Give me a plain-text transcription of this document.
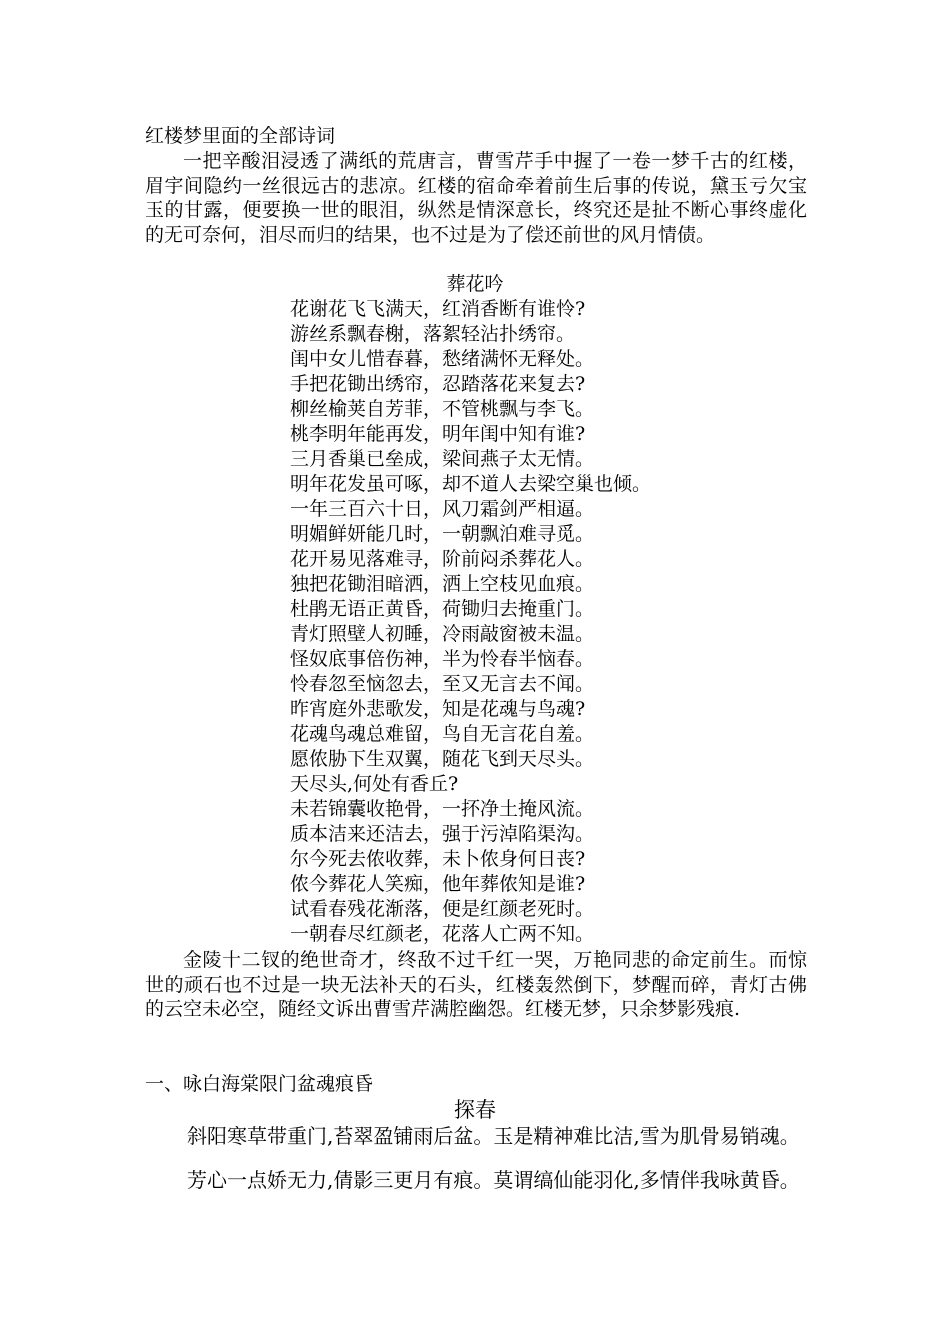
红楼梦里面的全部诗词

一把辛酸泪浸透了满纸的荒唐言，曹雪芹手中握了一卷一梦千古的红楼，眉宇间隐约一丝很远古的悲凉。红楼的宿命牵着前生后事的传说，黛玉亏欠宝玉的甘露，便要换一世的眼泪，纵然是情深意长，终究还是扯不断心事终虚化的无可奈何，泪尽而归的结果，也不过是为了偿还前世的风月情债。

葬花吟
花谢花飞飞满天，红消香断有谁怜?
游丝系飘春榭，落絮轻沾扑绣帘。
闺中女儿惜春暮，愁绪满怀无释处。
手把花锄出绣帘，忍踏落花来复去?
柳丝榆荚自芳菲，不管桃飘与李飞。
桃李明年能再发，明年闺中知有谁?
三月香巢已垒成，梁间燕子太无情。
明年花发虽可啄，却不道人去梁空巢也倾。
一年三百六十日，风刀霜剑严相逼。
明媚鲜妍能几时，一朝飘泊难寻觅。
花开易见落难寻，阶前闷杀葬花人。
独把花锄泪暗洒，洒上空枝见血痕。
杜鹃无语正黄昏，荷锄归去掩重门。
青灯照壁人初睡，冷雨敲窗被未温。
怪奴底事倍伤神，半为怜春半恼春。
怜春忽至恼忽去，至又无言去不闻。
昨宵庭外悲歌发，知是花魂与鸟魂?
花魂鸟魂总难留，鸟自无言花自羞。
愿侬胁下生双翼，随花飞到天尽头。
天尽头,何处有香丘?
未若锦囊收艳骨，一抔净土掩风流。
质本洁来还洁去，强于污淖陷渠沟。
尔今死去侬收葬，未卜侬身何日丧?
侬今葬花人笑痴，他年葬侬知是谁?
试看春残花渐落，便是红颜老死时。
一朝春尽红颜老，花落人亡两不知。

金陵十二钗的绝世奇才，终敌不过千红一哭，万艳同悲的命定前生。而惊世的顽石也不过是一块无法补天的石头，红楼轰然倒下，梦醒而碎，青灯古佛的云空未必空，随经文诉出曹雪芹满腔幽怨。红楼无梦，只余梦影残痕.

一、咏白海棠限门盆魂痕昏
探春

斜阳寒草带重门,苔翠盈铺雨后盆。玉是精神难比洁,雪为肌骨易销魂。

芳心一点娇无力,倩影三更月有痕。莫谓缟仙能羽化,多情伴我咏黄昏。
